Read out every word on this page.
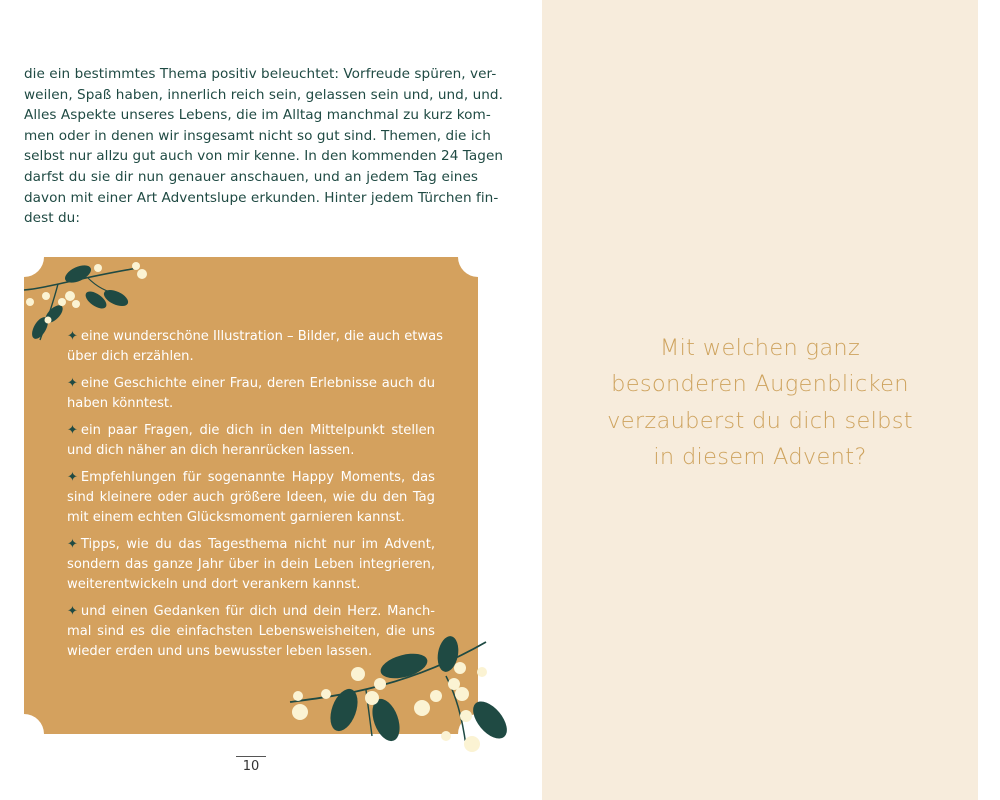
die ein bestimmtes Thema positiv beleuchtet: Vorfreude spüren, ver-
weilen, Spaß haben, innerlich reich sein, gelassen sein und, und, und.
Alles Aspekte unseres Lebens, die im Alltag manchmal zu kurz kom-
men oder in denen wir insgesamt nicht so gut sind. Themen, die ich
selbst nur allzu gut auch von mir kenne. In den kommenden 24 Tagen
darfst du sie dir nun genauer anschauen, und an jedem Tag eines
davon mit einer Art Adventslupe erkunden. Hinter jedem Türchen fin-
dest du:

✦ eine wunderschöne Illustration – Bilder, die auch etwas
über dich erzählen.
✦ eine Geschichte einer Frau, deren Erlebnisse auch du
haben könntest.
✦ ein paar Fragen, die dich in den Mittelpunkt stellen
und dich näher an dich heranrücken lassen.
✦ Empfehlungen für sogenannte Happy Moments, das
sind kleinere oder auch größere Ideen, wie du den Tag
mit einem echten Glücksmoment garnieren kannst.
✦ Tipps, wie du das Tagesthema nicht nur im Advent,
sondern das ganze Jahr über in dein Leben integrieren,
weiterentwickeln und dort verankern kannst.
✦ und einen Gedanken für dich und dein Herz. Manch-
mal sind es die einfachsten Lebensweisheiten, die uns
wieder erden und uns bewusster leben lassen.
10

Mit welchen ganz
besonderen Augenblicken
verzauberst du dich selbst
in diesem Advent?
